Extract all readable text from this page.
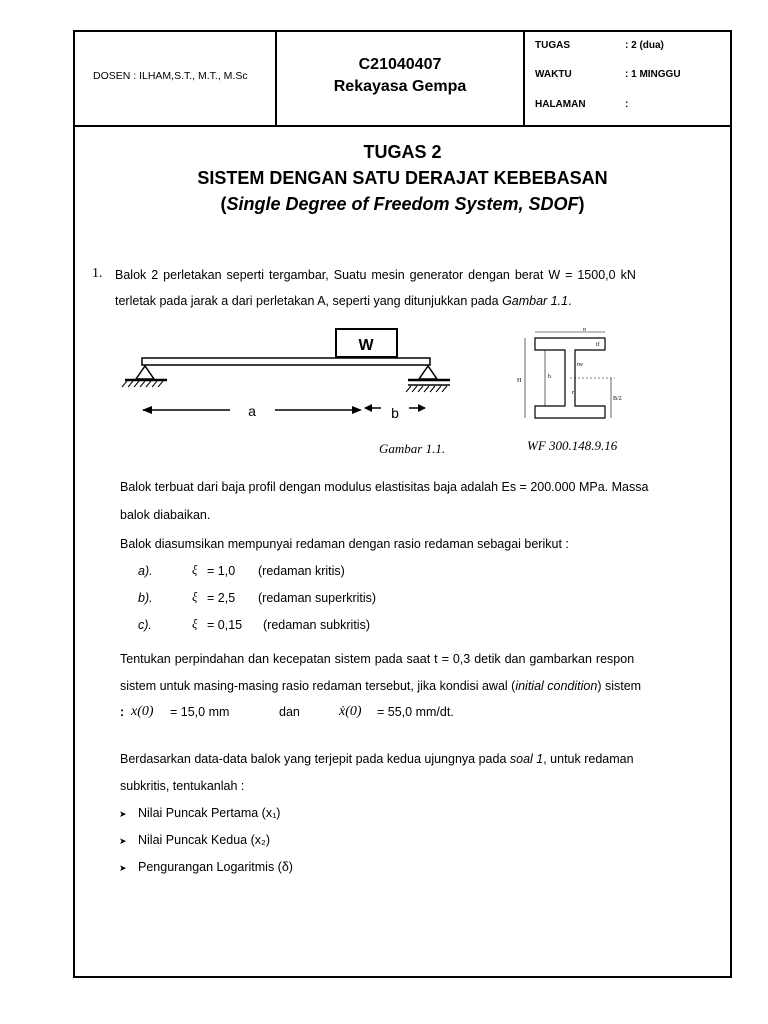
DOSEN : ILHAM,S.T., M.T., M.Sc
C21040407
Rekayasa Gempa
TUGAS	: 2 (dua)
WAKTU	: 1 MINGGU
HALAMAN	:
TUGAS 2
SISTEM DENGAN SATU DERAJAT KEBEBASAN
(Single Degree of Freedom System, SDOF)
1. Balok 2 perletakan seperti tergambar, Suatu mesin generator dengan berat W = 1500,0 kN
terletak pada jarak a dari perletakan A, seperti yang ditunjukkan pada Gambar 1.1.
W
a	b
b
tf
tw
H
h
r
B/2
Gambar 1.1.	WF 300.148.9.16
Balok terbuat dari baja profil dengan modulus elastisitas baja adalah Es = 200.000 MPa. Massa
balok diabaikan.
Balok diasumsikan mempunyai redaman dengan rasio redaman sebagai berikut :
a).	ξ = 1,0 (redaman kritis)
b).	ξ = 2,5 (redaman superkritis)
c).	ξ = 0,15 (redaman subkritis)
Tentukan perpindahan dan kecepatan sistem pada saat t = 0,3 detik dan gambarkan respon
sistem untuk masing-masing rasio redaman tersebut, jika kondisi awal (initial condition) sistem
: x(0) = 15,0 mm	dan	ẋ(0) = 55,0 mm/dt.
Berdasarkan data-data balok yang terjepit pada kedua ujungnya pada soal 1, untuk redaman
subkritis, tentukanlah :
➤ Nilai Puncak Pertama (x₁)
➤ Nilai Puncak Kedua (x₂)
➤ Pengurangan Logaritmis (δ)
